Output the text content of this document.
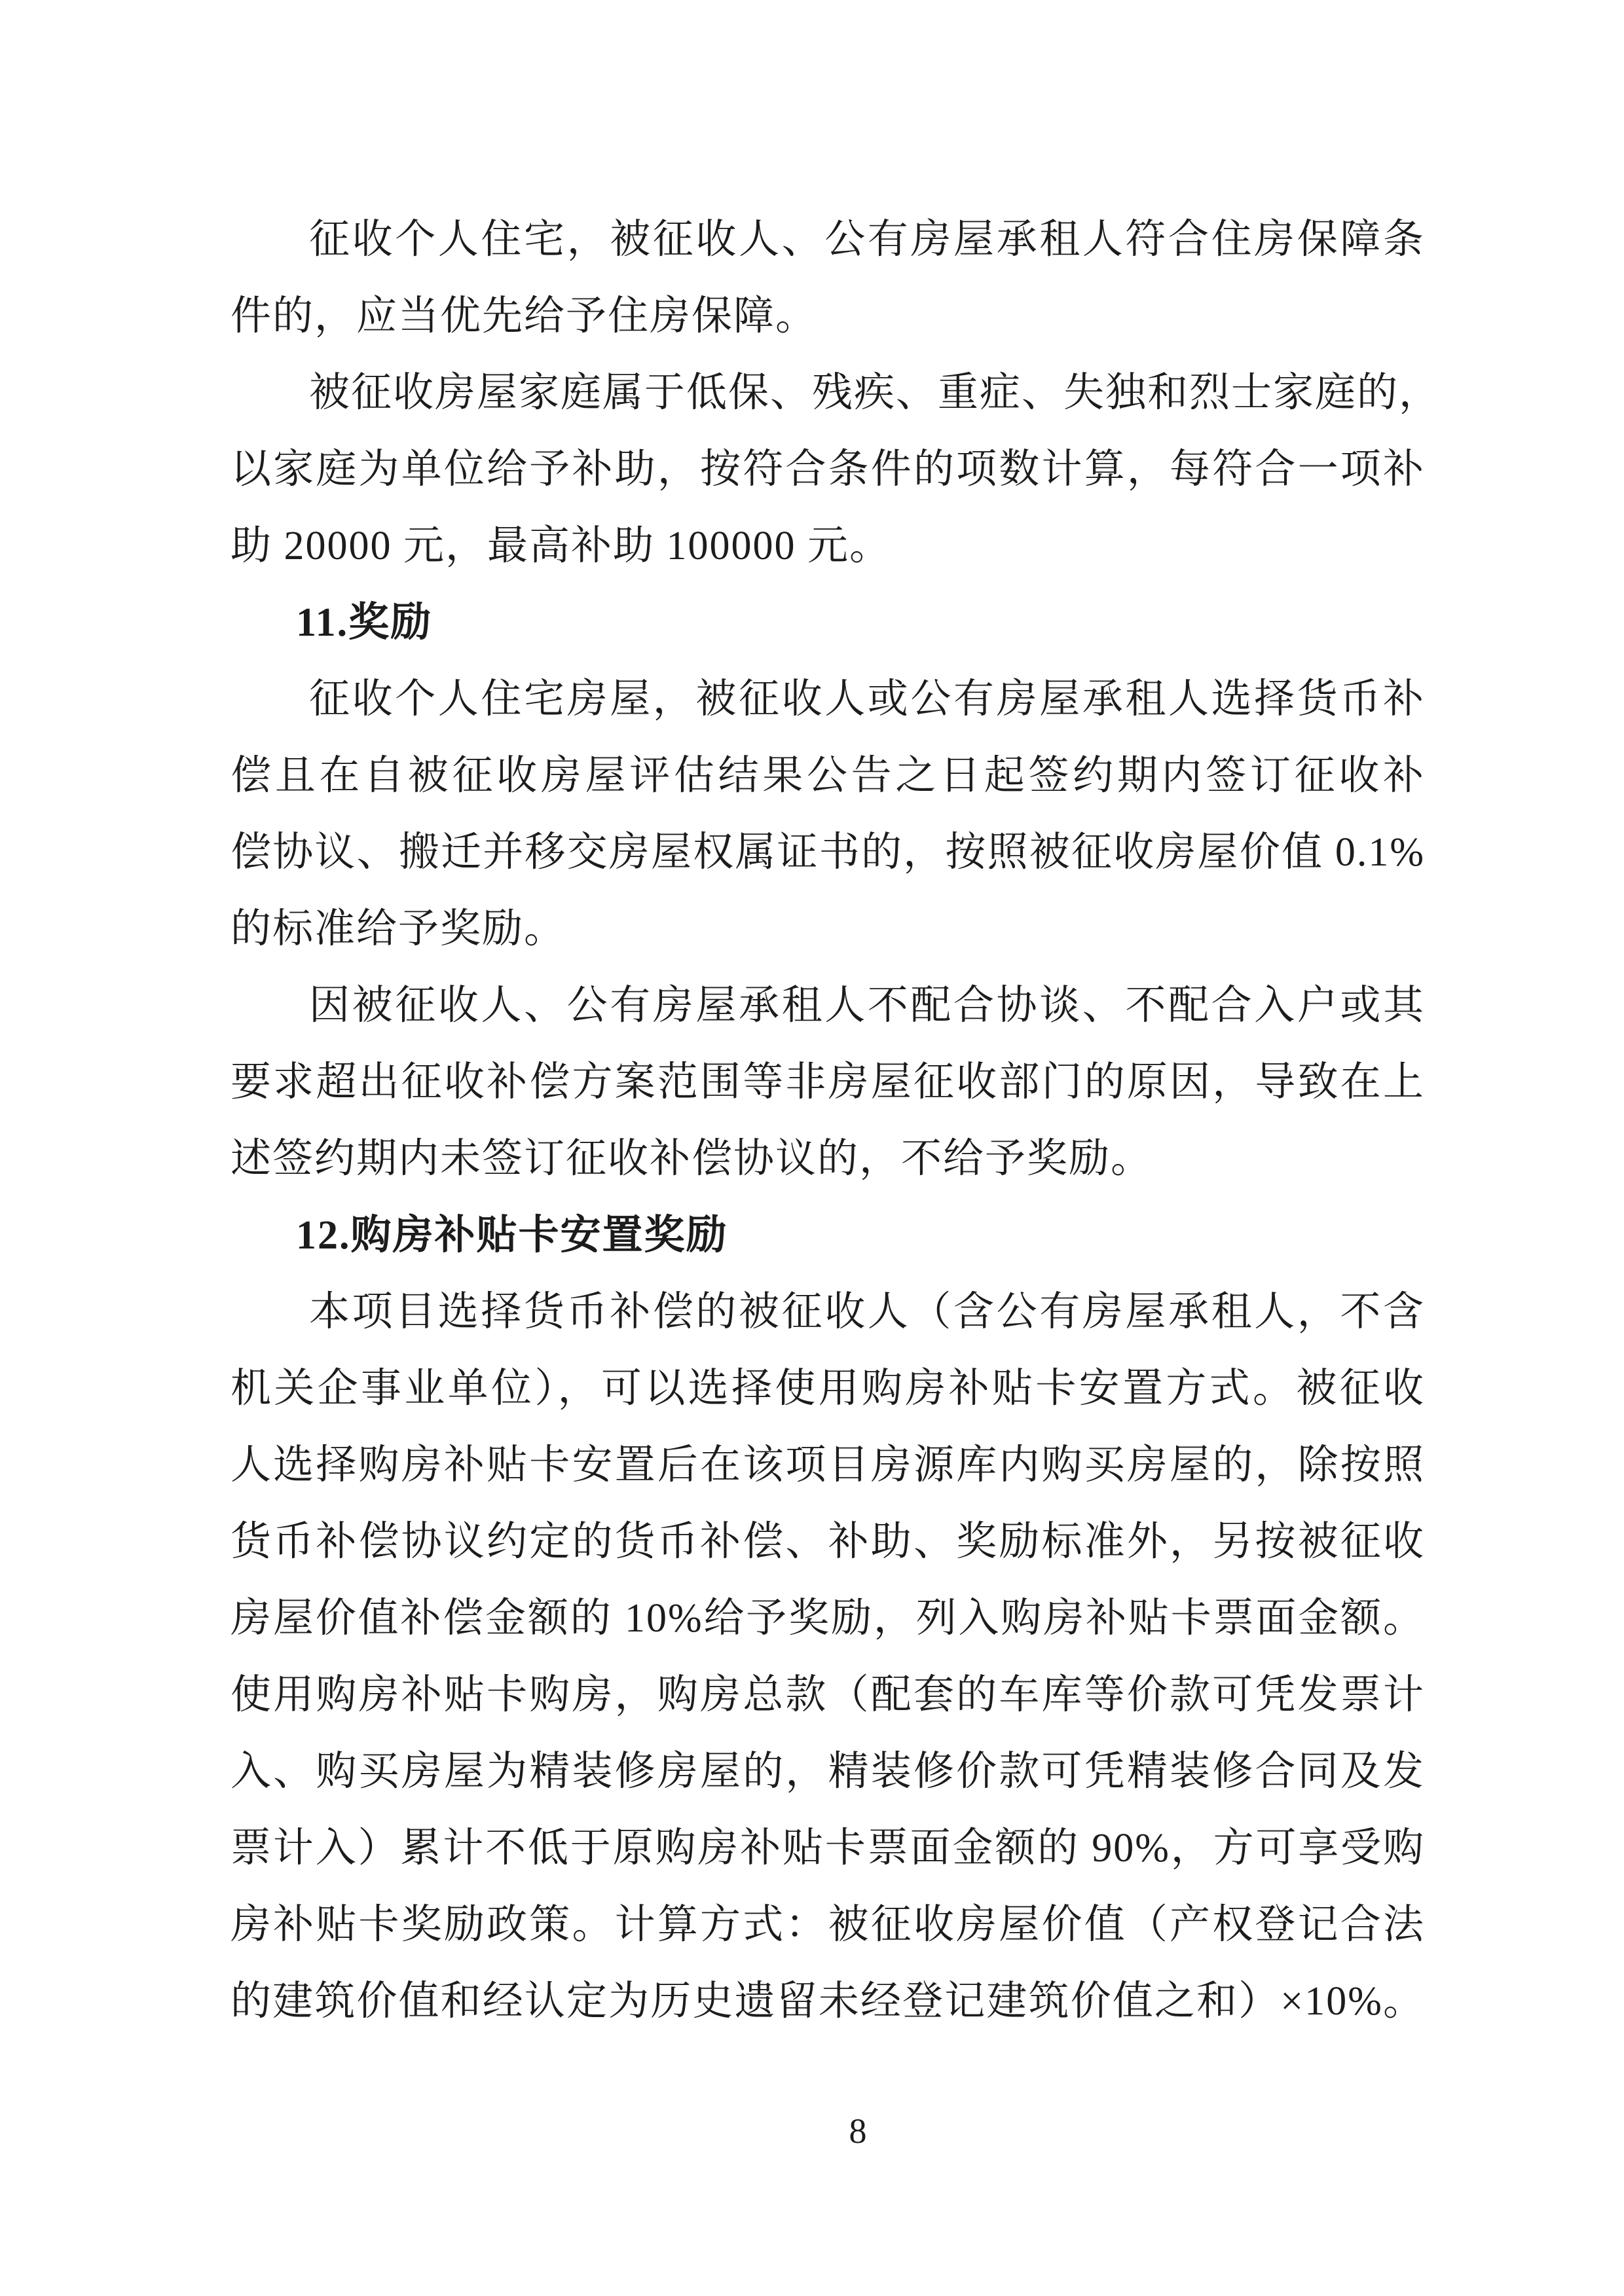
征收个人住宅，被征收人、公有房屋承租人符合住房保障条

件的，应当优先给予住房保障。

被征收房屋家庭属于低保、残疾、重症、失独和烈士家庭的，

以家庭为单位给予补助，按符合条件的项数计算，每符合一项补

助 20000 元，最高补助 100000 元。

11.奖励

征收个人住宅房屋，被征收人或公有房屋承租人选择货币补

偿且在自被征收房屋评估结果公告之日起签约期内签订征收补

偿协议、搬迁并移交房屋权属证书的，按照被征收房屋价值 0.1%

的标准给予奖励。

因被征收人、公有房屋承租人不配合协谈、不配合入户或其

要求超出征收补偿方案范围等非房屋征收部门的原因，导致在上

述签约期内未签订征收补偿协议的，不给予奖励。

12.购房补贴卡安置奖励

本项目选择货币补偿的被征收人（含公有房屋承租人，不含

机关企事业单位），可以选择使用购房补贴卡安置方式。被征收

人选择购房补贴卡安置后在该项目房源库内购买房屋的，除按照

货币补偿协议约定的货币补偿、补助、奖励标准外，另按被征收

房屋价值补偿金额的 10%给予奖励，列入购房补贴卡票面金额。

使用购房补贴卡购房，购房总款（配套的车库等价款可凭发票计

入、购买房屋为精装修房屋的，精装修价款可凭精装修合同及发

票计入）累计不低于原购房补贴卡票面金额的 90%，方可享受购

房补贴卡奖励政策。计算方式：被征收房屋价值（产权登记合法

的建筑价值和经认定为历史遗留未经登记建筑价值之和）×10%。

8
